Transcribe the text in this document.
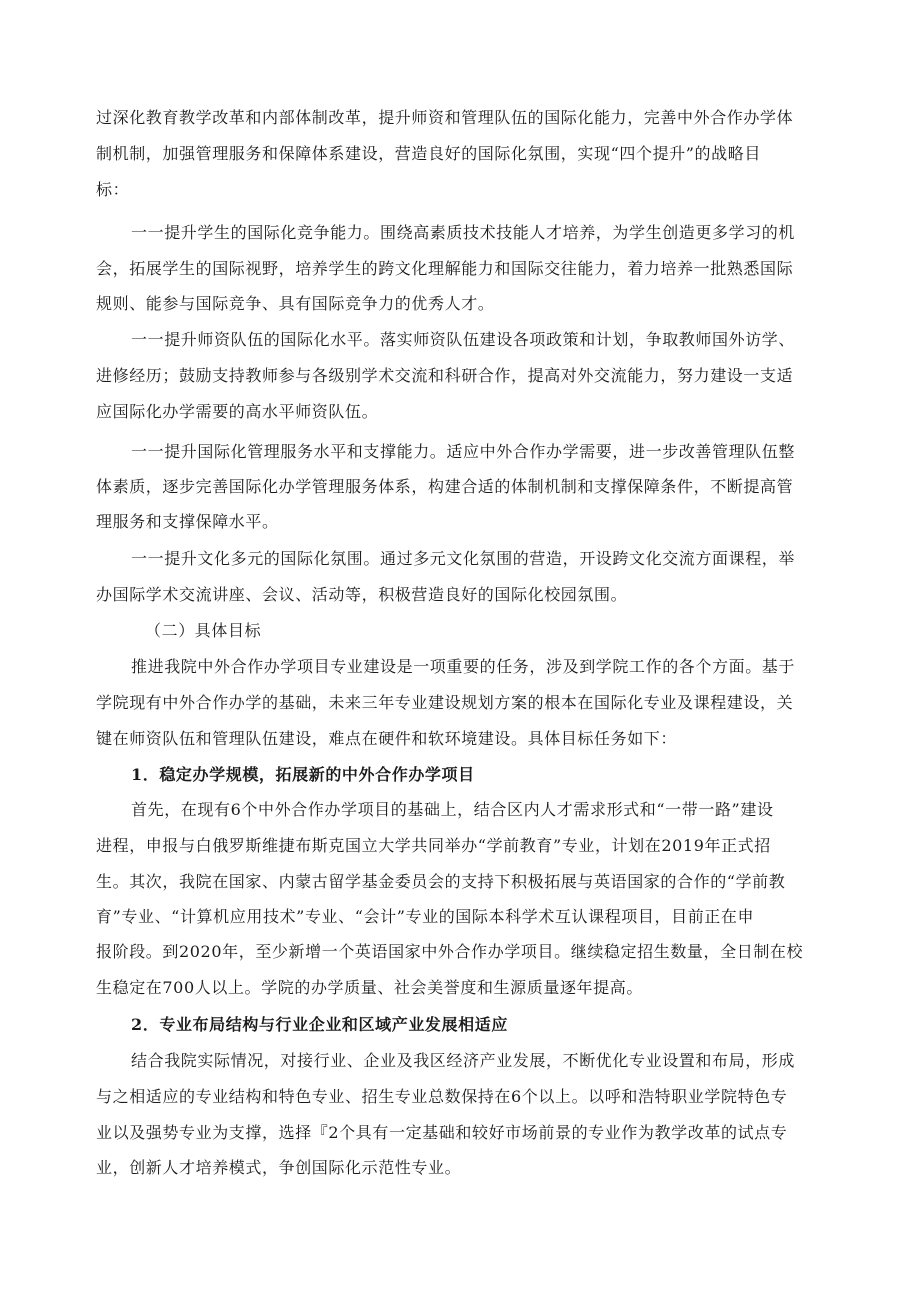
过深化教育教学改革和内部体制改革，提升师资和管理队伍的国际化能力，完善中外合作办学体
制机制，加强管理服务和保障体系建设，营造良好的国际化氛围，实现“四个提升”的战略目
标：
一一提升学生的国际化竞争能力。围绕高素质技术技能人才培养，为学生创造更多学习的机
会，拓展学生的国际视野，培养学生的跨文化理解能力和国际交往能力，着力培养一批熟悉国际
规则、能参与国际竞争、具有国际竞争力的优秀人才。
一一提升师资队伍的国际化水平。落实师资队伍建设各项政策和计划，争取教师国外访学、
进修经历；鼓励支持教师参与各级别学术交流和科研合作，提高对外交流能力，努力建设一支适
应国际化办学需要的高水平师资队伍。
一一提升国际化管理服务水平和支撑能力。适应中外合作办学需要，进一步改善管理队伍整
体素质，逐步完善国际化办学管理服务体系，构建合适的体制机制和支撑保障条件，不断提高管
理服务和支撑保障水平。
一一提升文化多元的国际化氛围。通过多元文化氛围的营造，开设跨文化交流方面课程，举
办国际学术交流讲座、会议、活动等，积极营造良好的国际化校园氛围。
（二）具体目标
推进我院中外合作办学项目专业建设是一项重要的任务，涉及到学院工作的各个方面。基于
学院现有中外合作办学的基础，未来三年专业建设规划方案的根本在国际化专业及课程建设，关
键在师资队伍和管理队伍建设，难点在硬件和软环境建设。具体目标任务如下：
1．稳定办学规模，拓展新的中外合作办学项目
首先，在现有6个中外合作办学项目的基础上，结合区内人才需求形式和“一带一路”建设
进程，申报与白俄罗斯维捷布斯克国立大学共同举办“学前教育”专业，计划在2019年正式招
生。其次，我院在国家、内蒙古留学基金委员会的支持下积极拓展与英语国家的合作的“学前教
育”专业、“计算机应用技术”专业、“会计”专业的国际本科学术互认课程项目，目前正在申
报阶段。到2020年，至少新增一个英语国家中外合作办学项目。继续稳定招生数量，全日制在校
生稳定在700人以上。学院的办学质量、社会美誉度和生源质量逐年提高。
2．专业布局结构与行业企业和区域产业发展相适应
结合我院实际情况，对接行业、企业及我区经济产业发展，不断优化专业设置和布局，形成
与之相适应的专业结构和特色专业、招生专业总数保持在6个以上。以呼和浩特职业学院特色专
业以及强势专业为支撑，选择『2个具有一定基础和较好市场前景的专业作为教学改革的试点专
业，创新人才培养模式，争创国际化示范性专业。
